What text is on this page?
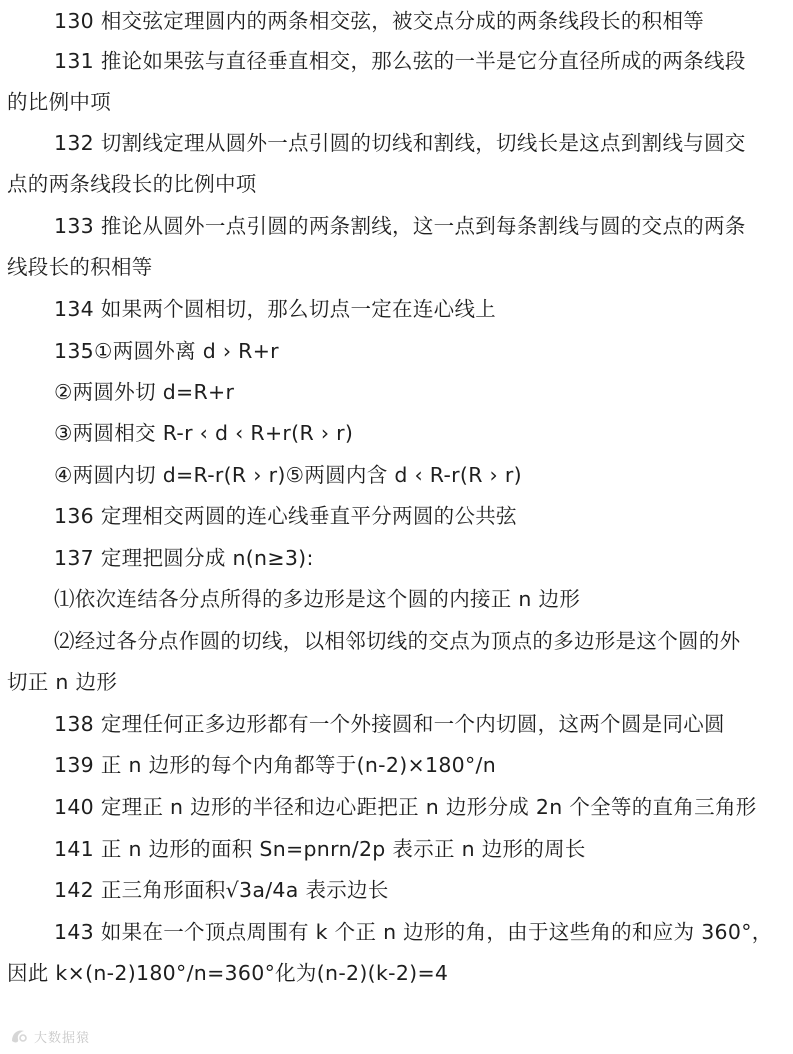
130 相交弦定理圆内的两条相交弦，被交点分成的两条线段长的积相等
131 推论如果弦与直径垂直相交，那么弦的一半是它分直径所成的两条线段
的比例中项
132 切割线定理从圆外一点引圆的切线和割线，切线长是这点到割线与圆交
点的两条线段长的比例中项
133 推论从圆外一点引圆的两条割线，这一点到每条割线与圆的交点的两条
线段长的积相等
134 如果两个圆相切，那么切点一定在连心线上
135①两圆外离 d › R+r
②两圆外切 d=R+r
③两圆相交 R-r ‹ d ‹ R+r(R › r)
④两圆内切 d=R-r(R › r)⑤两圆内含 d ‹ R-r(R › r)
136 定理相交两圆的连心线垂直平分两圆的公共弦
137 定理把圆分成 n(n≥3):
⑴依次连结各分点所得的多边形是这个圆的内接正 n 边形
⑵经过各分点作圆的切线，以相邻切线的交点为顶点的多边形是这个圆的外
切正 n 边形
138 定理任何正多边形都有一个外接圆和一个内切圆，这两个圆是同心圆
139 正 n 边形的每个内角都等于(n-2)×180°/n
140 定理正 n 边形的半径和边心距把正 n 边形分成 2n 个全等的直角三角形
141 正 n 边形的面积 Sn=pnrn/2p 表示正 n 边形的周长
142 正三角形面积√3a/4a 表示边长
143 如果在一个顶点周围有 k 个正 n 边形的角，由于这些角的和应为 360°，
因此 k×(n-2)180°/n=360°化为(n-2)(k-2)=4
大数据猿
